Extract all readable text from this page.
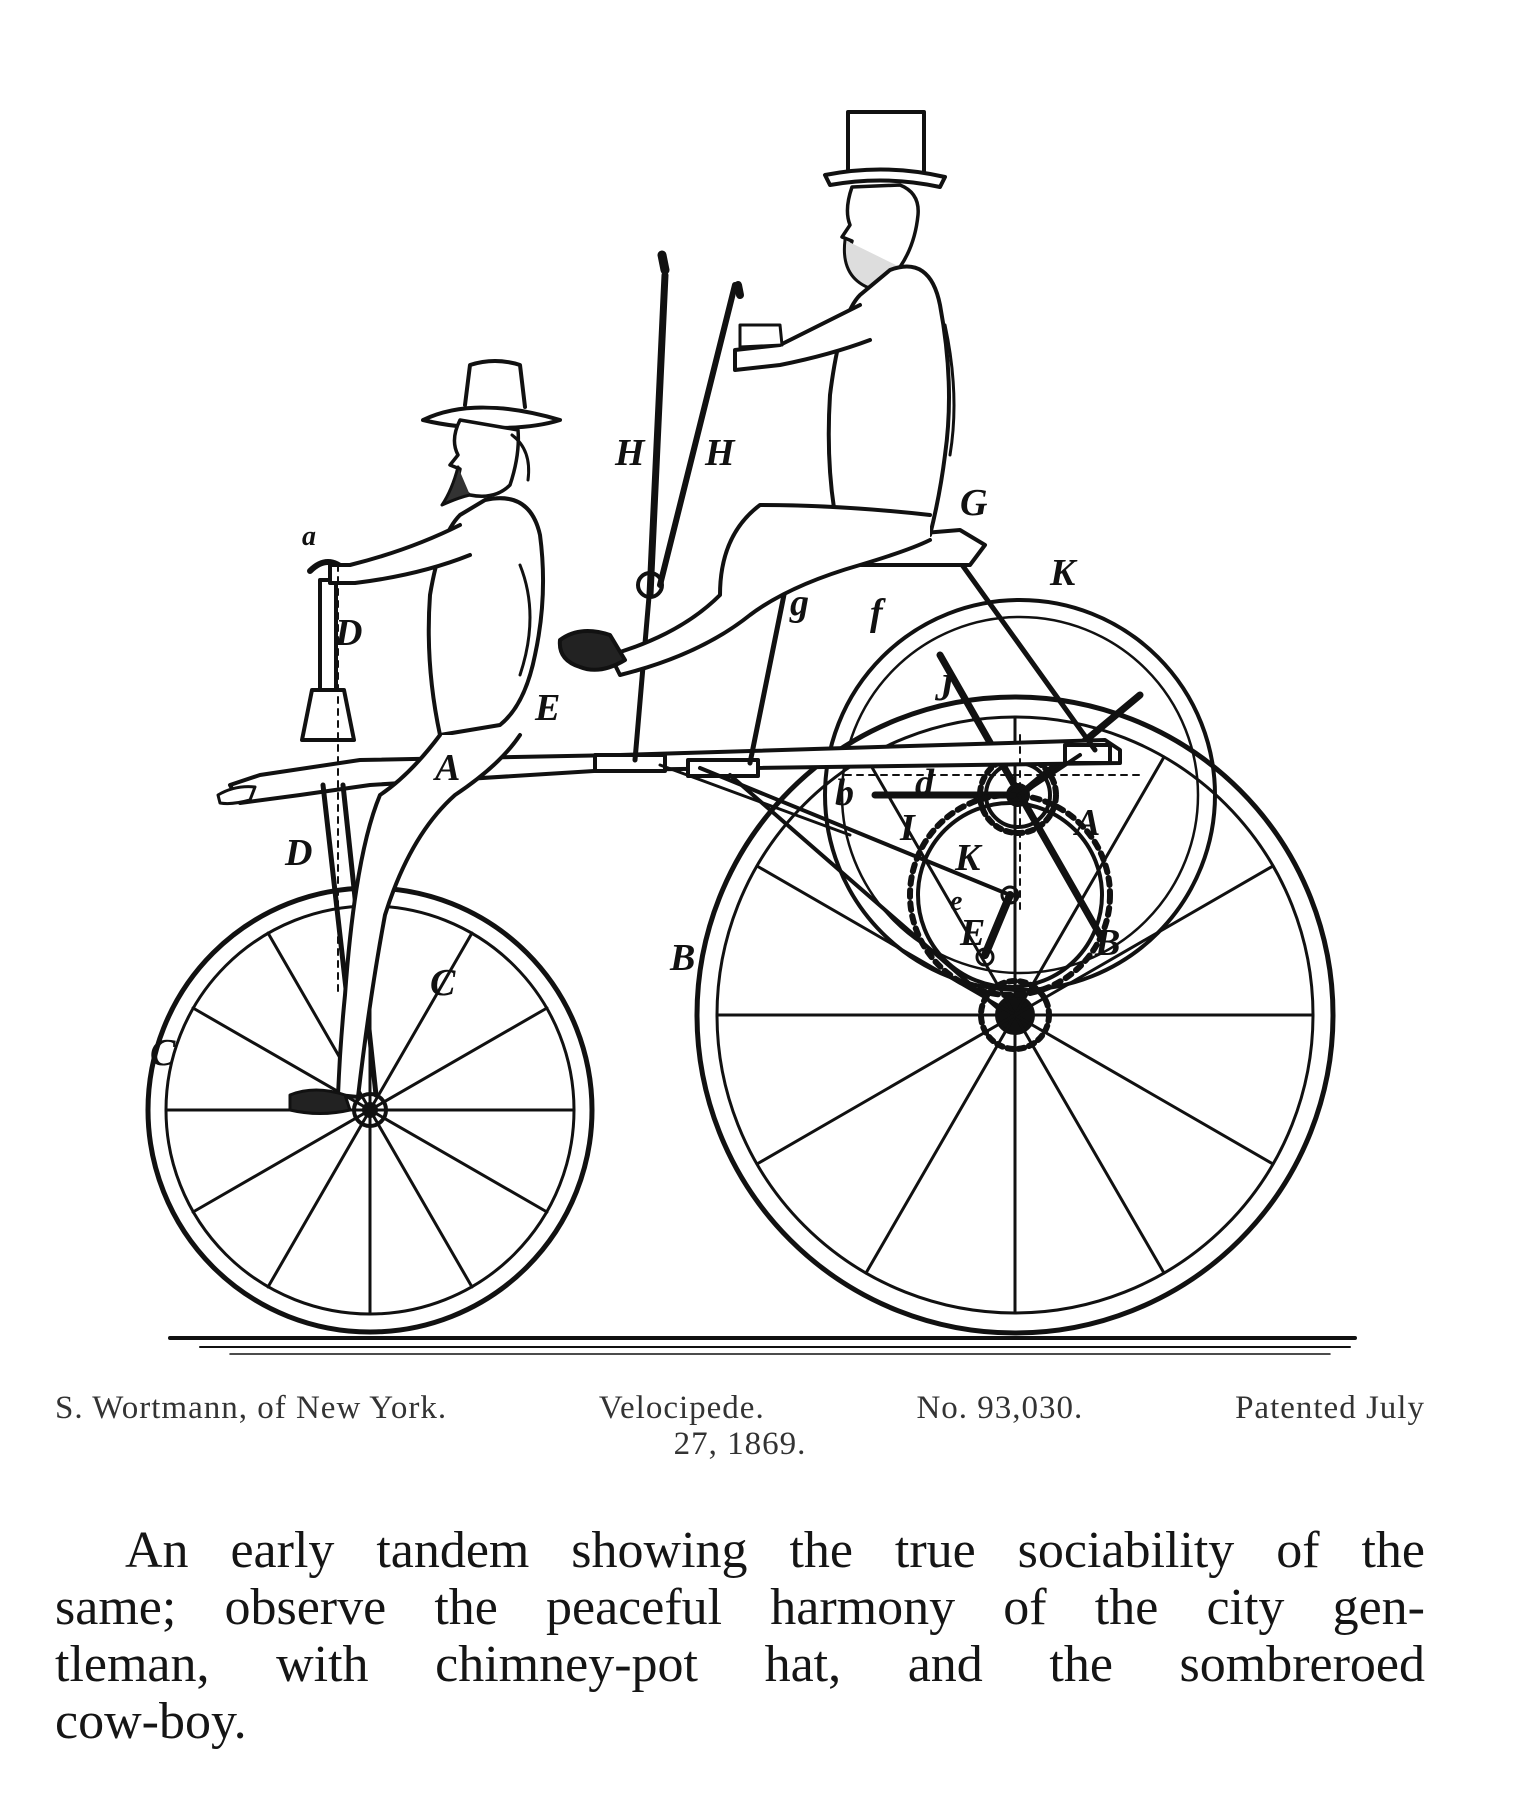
H H
G
K
g f
J
a
D
E
A
A
b d
I
K
e
E
D
C
C
B	B
S. Wortmann, of New York.	Velocipede.	No. 93,030.	Patented July
27, 1869.
An early tandem showing the true sociability of the
same; observe the peaceful harmony of the city gen-
tleman, with chimney-pot hat, and the sombreroed
cow-boy.
